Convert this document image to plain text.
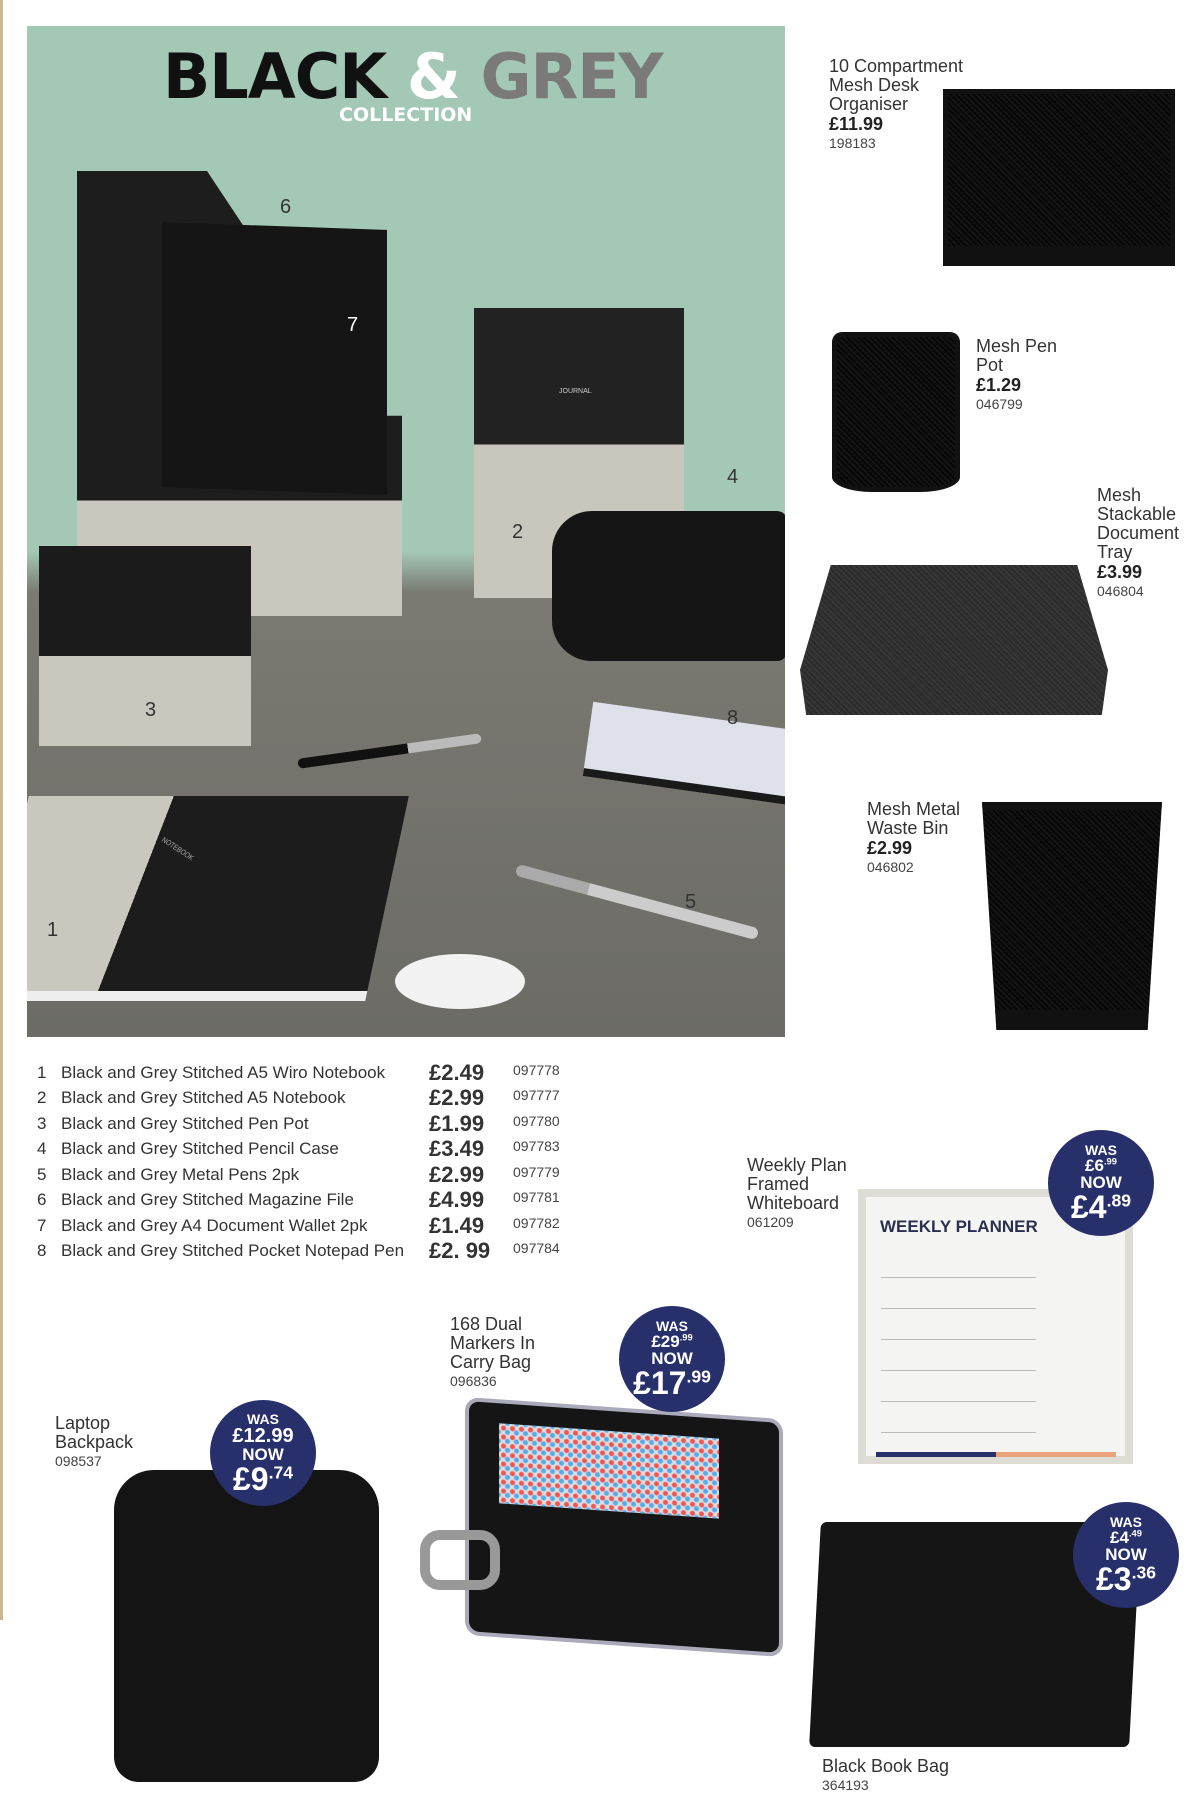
BLACK & GREY
COLLECTION
JOURNAL
NOTEBOOK
6
7
2
4
3	8
5
1
10 Compartment Mesh Desk Organiser
£11.99
198183
Mesh Pen Pot
£1.29
046799
Mesh Stackable Document Tray
£3.99
046804
Mesh Metal Waste Bin
£2.99
046802
1 Black and Grey Stitched A5 Wiro Notebook	£2.49	097778
2 Black and Grey Stitched A5 Notebook	£2.99	097777
3 Black and Grey Stitched Pen Pot	£1.99	097780
4 Black and Grey Stitched Pencil Case	£3.49	097783
5 Black and Grey Metal Pens 2pk	£2.99	097779
6 Black and Grey Stitched Magazine File	£4.99	097781
7 Black and Grey A4 Document Wallet 2pk	£1.49	097782
8 Black and Grey Stitched Pocket Notepad Pen	£2. 99	097784
Weekly Plan Framed Whiteboard
061209	WEEKLY PLANNER
WAS
$£6^{.99}$
NOW
$£4^{.89}$
168 Dual Markers In Carry Bag
096836
WAS
$£29^{.99}$
NOW
$£17^{.99}$
Laptop Backpack
098537
WAS
£12.99
NOW
$£9^{.74}$
WAS
$£4^{.49}$
NOW
$£3^{.36}$
Black Book Bag
364193
